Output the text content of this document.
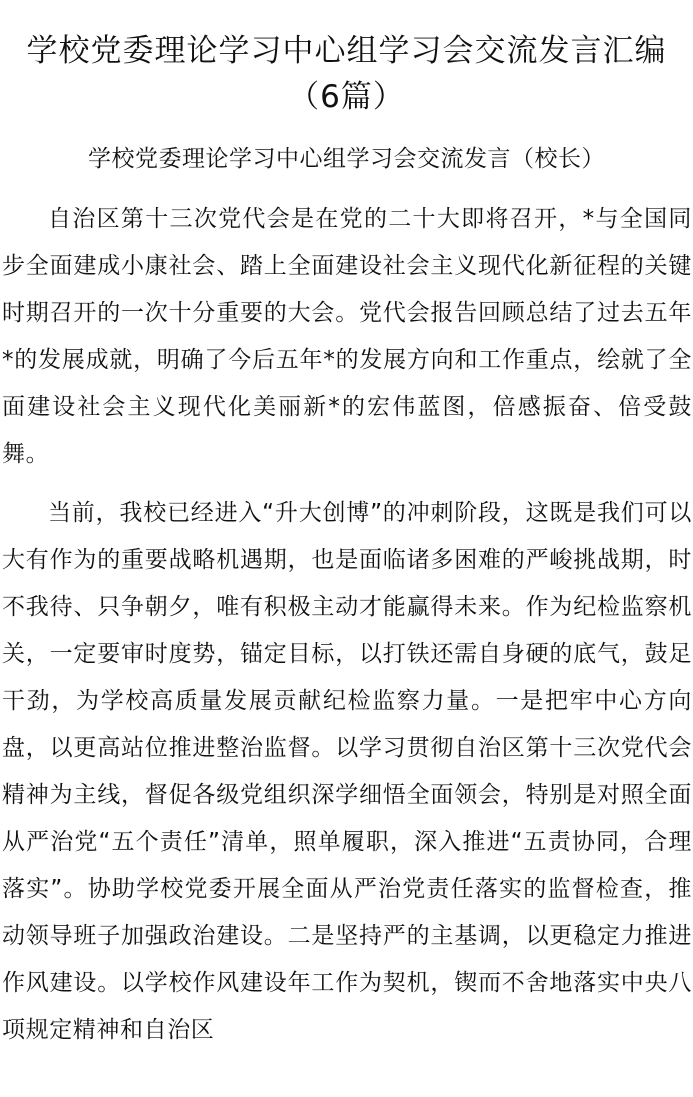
学校党委理论学习中心组学习会交流发言汇编（6篇）
学校党委理论学习中心组学习会交流发言（校长）

自治区第十三次党代会是在党的二十大即将召开，*与全国同步全面建成小康社会、踏上全面建设社会主义现代化新征程的关键时期召开的一次十分重要的大会。党代会报告回顾总结了过去五年*的发展成就，明确了今后五年*的发展方向和工作重点，绘就了全面建设社会主义现代化美丽新*的宏伟蓝图，倍感振奋、倍受鼓舞。

当前，我校已经进入“升大创博”的冲刺阶段，这既是我们可以大有作为的重要战略机遇期，也是面临诸多困难的严峻挑战期，时不我待、只争朝夕，唯有积极主动才能赢得未来。作为纪检监察机关，一定要审时度势，锚定目标，以打铁还需自身硬的底气，鼓足干劲，为学校高质量发展贡献纪检监察力量。一是把牢中心方向盘，以更高站位推进整治监督。以学习贯彻自治区第十三次党代会精神为主线，督促各级党组织深学细悟全面领会，特别是对照全面从严治党“五个责任”清单，照单履职，深入推进“五责协同，合理落实”。协助学校党委开展全面从严治党责任落实的监督检查，推动领导班子加强政治建设。二是坚持严的主基调，以更稳定力推进作风建设。以学校作风建设年工作为契机，锲而不舍地落实中央八项规定精神和自治区
